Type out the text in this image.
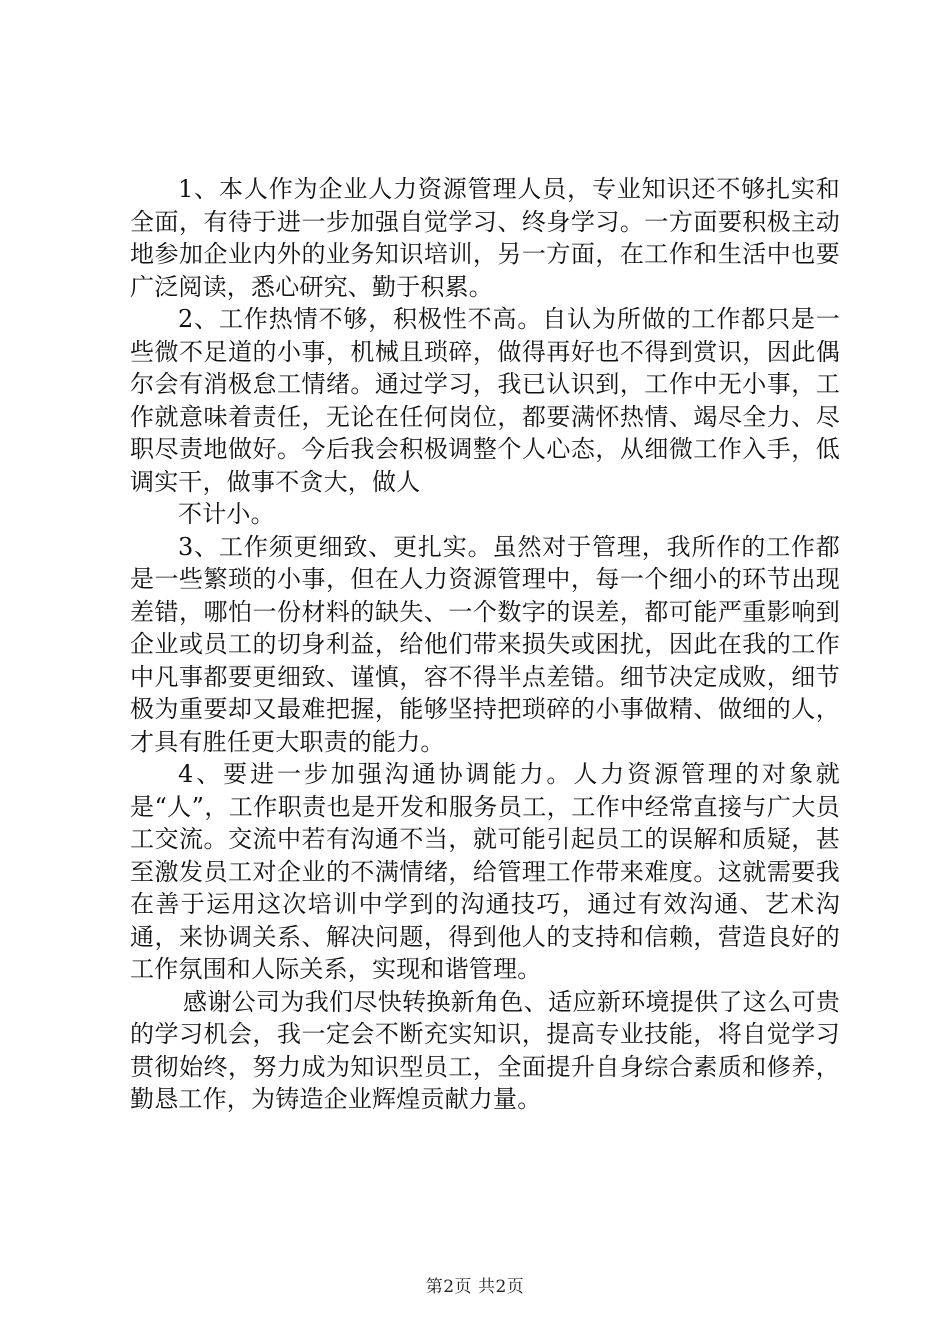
1、本人作为企业人力资源管理人员，专业知识还不够扎实和全面，有待于进一步加强自觉学习、终身学习。一方面要积极主动地参加企业内外的业务知识培训，另一方面，在工作和生活中也要广泛阅读，悉心研究、勤于积累。

2、工作热情不够，积极性不高。自认为所做的工作都只是一些微不足道的小事，机械且琐碎，做得再好也不得到赏识，因此偶尔会有消极怠工情绪。通过学习，我已认识到，工作中无小事，工作就意味着责任，无论在任何岗位，都要满怀热情、竭尽全力、尽职尽责地做好。今后我会积极调整个人心态，从细微工作入手，低调实干，做事不贪大，做人

不计小。

3、工作须更细致、更扎实。虽然对于管理，我所作的工作都是一些繁琐的小事，但在人力资源管理中，每一个细小的环节出现差错，哪怕一份材料的缺失、一个数字的误差，都可能严重影响到企业或员工的切身利益，给他们带来损失或困扰，因此在我的工作中凡事都要更细致、谨慎，容不得半点差错。细节决定成败，细节极为重要却又最难把握，能够坚持把琐碎的小事做精、做细的人，才具有胜任更大职责的能力。

4、要进一步加强沟通协调能力。人力资源管理的对象就是“人”，工作职责也是开发和服务员工，工作中经常直接与广大员工交流。交流中若有沟通不当，就可能引起员工的误解和质疑，甚至激发员工对企业的不满情绪，给管理工作带来难度。这就需要我在善于运用这次培训中学到的沟通技巧，通过有效沟通、艺术沟通，来协调关系、解决问题，得到他人的支持和信赖，营造良好的工作氛围和人际关系，实现和谐管理。

感谢公司为我们尽快转换新角色、适应新环境提供了这么可贵的学习机会，我一定会不断充实知识，提高专业技能，将自觉学习贯彻始终，努力成为知识型员工，全面提升自身综合素质和修养，勤恳工作，为铸造企业辉煌贡献力量。

第2页 共2页
